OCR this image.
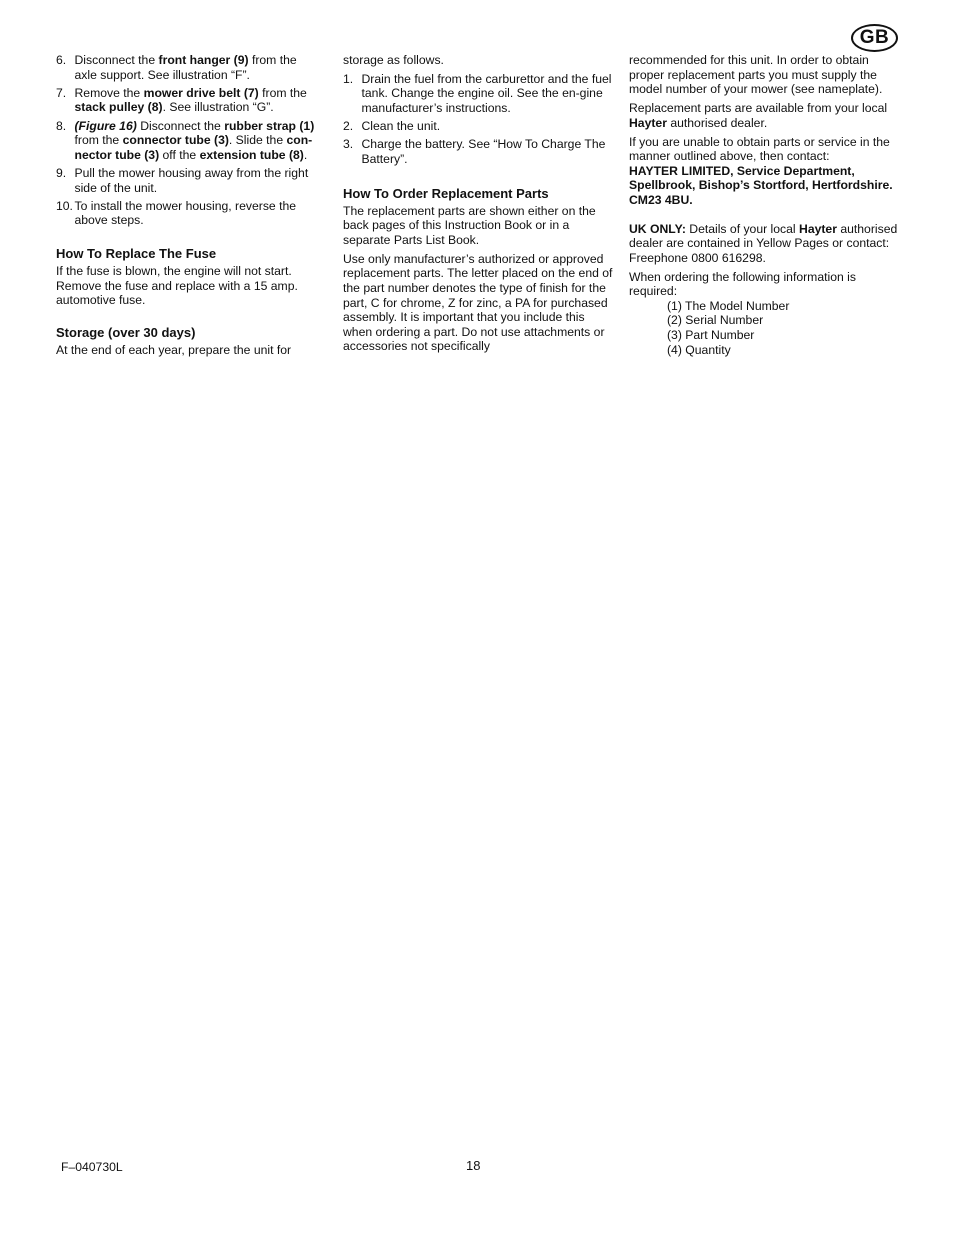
GB
6. Disconnect the front hanger (9) from the axle support. See illustration “F”.
7. Remove the mower drive belt (7) from the stack pulley (8). See illustration “G”.
8. (Figure 16) Disconnect the rubber strap (1) from the connector tube (3). Slide the con-nector tube (3) off the extension tube (8).
9. Pull the mower housing away from the right side of the unit.
10. To install the mower housing, reverse the above steps.
How To Replace The Fuse

If the fuse is blown, the engine will not start. Remove the fuse and replace with a 15 amp. automotive fuse.

Storage (over 30 days)

At the end of each year, prepare the unit for

storage as follows.

1. Drain the fuel from the carburettor and the fuel tank. Change the engine oil. See the en-gine manufacturer’s instructions.
2. Clean the unit.
3. Charge the battery. See “How To Charge The Battery”.
How To Order Replacement Parts

The replacement parts are shown either on the back pages of this Instruction Book or in a separate Parts List Book.

Use only manufacturer’s authorized or approved replacement parts. The letter placed on the end of the part number denotes the type of finish for the part, C for chrome, Z for zinc, a PA for purchased assembly. It is important that you include this when ordering a part. Do not use attachments or accessories not specifically

recommended for this unit. In order to obtain proper replacement parts you must supply the model number of your mower (see nameplate).

Replacement parts are available from your local Hayter authorised dealer.

If you are unable to obtain parts or service in the manner outlined above, then contact:

HAYTER LIMITED, Service Department, Spellbrook, Bishop’s Stortford, Hertfordshire. CM23 4BU.

UK ONLY: Details of your local Hayter authorised dealer are contained in Yellow Pages or contact: Freephone 0800 616298.

When ordering the following information is required:

(1) The Model Number
(2) Serial Number
(3) Part Number
(4) Quantity
F–040730L	18
